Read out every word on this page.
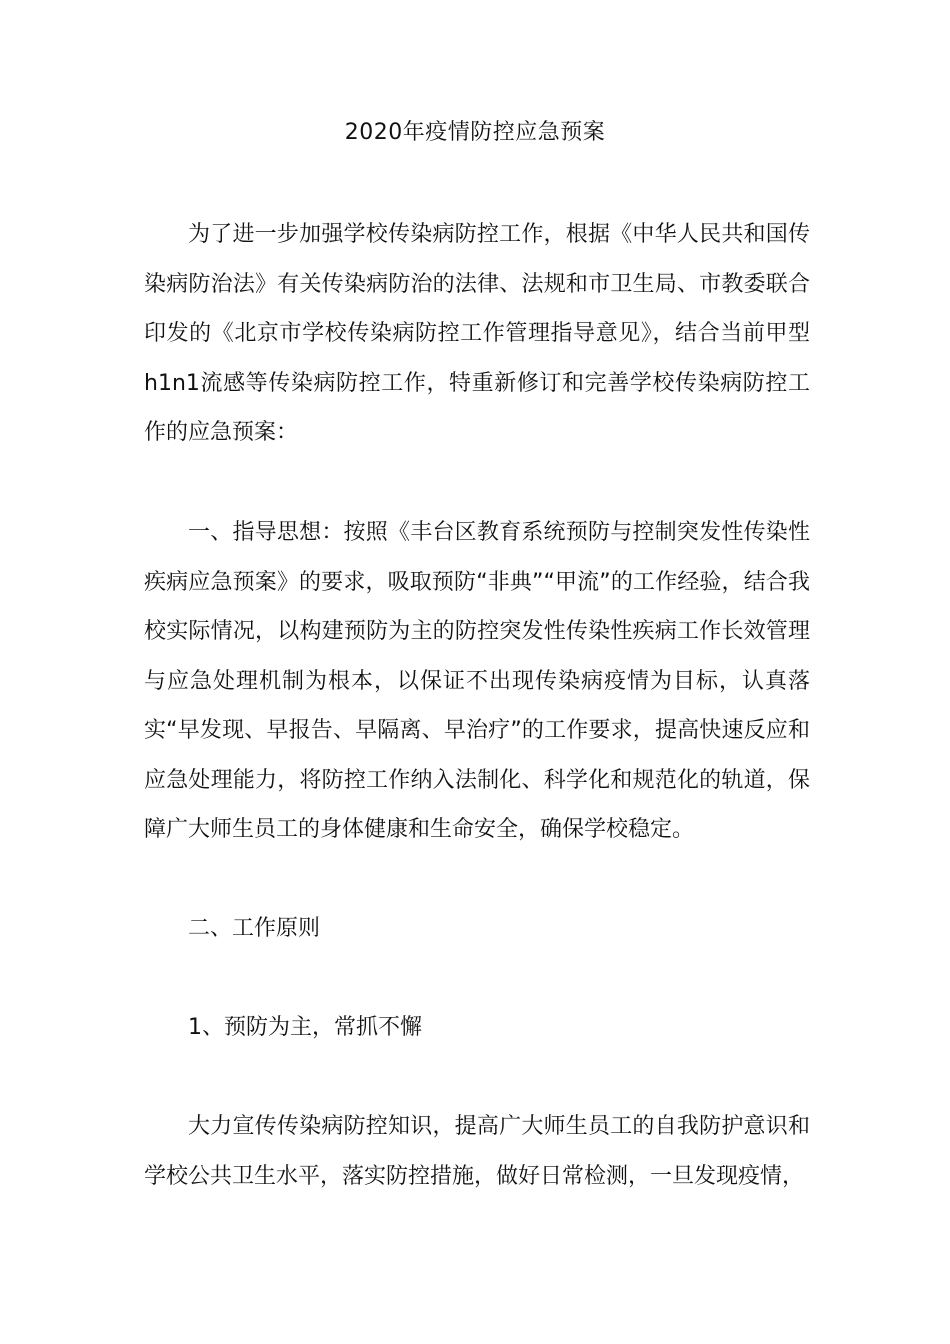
2020年疫情防控应急预案

为了进一步加强学校传染病防控工作，根据《中华人民共和国传染病防治法》有关传染病防治的法律、法规和市卫生局、市教委联合印发的《北京市学校传染病防控工作管理指导意见》，结合当前甲型h1n1流感等传染病防控工作，特重新修订和完善学校传染病防控工作的应急预案：

一、指导思想：按照《丰台区教育系统预防与控制突发性传染性疾病应急预案》的要求，吸取预防“非典”“甲流”的工作经验，结合我校实际情况，以构建预防为主的防控突发性传染性疾病工作长效管理与应急处理机制为根本，以保证不出现传染病疫情为目标，认真落实“早发现、早报告、早隔离、早治疗”的工作要求，提高快速反应和应急处理能力，将防控工作纳入法制化、科学化和规范化的轨道，保障广大师生员工的身体健康和生命安全，确保学校稳定。

二、工作原则

1、预防为主，常抓不懈

大力宣传传染病防控知识，提高广大师生员工的自我防护意识和学校公共卫生水平，落实防控措施，做好日常检测，一旦发现疫情，
